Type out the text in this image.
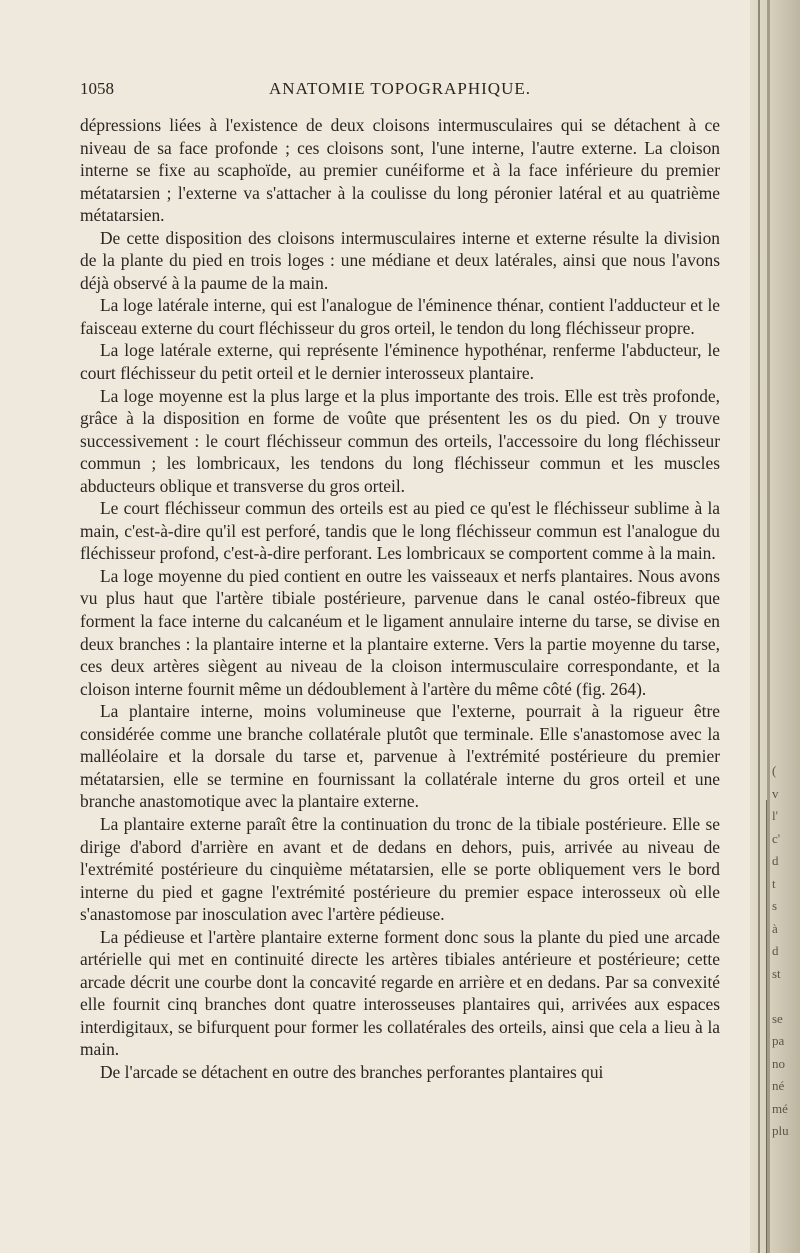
1058	ANATOMIE TOPOGRAPHIQUE.

dépressions liées à l'existence de deux cloisons intermusculaires qui se détachent à ce niveau de sa face profonde ; ces cloisons sont, l'une interne, l'autre externe. La cloison interne se fixe au scaphoïde, au premier cunéiforme et à la face inférieure du premier métatarsien ; l'externe va s'attacher à la coulisse du long péronier latéral et au quatrième métatarsien.

De cette disposition des cloisons intermusculaires interne et externe résulte la division de la plante du pied en trois loges : une médiane et deux latérales, ainsi que nous l'avons déjà observé à la paume de la main.

La loge latérale interne, qui est l'analogue de l'éminence thénar, contient l'adducteur et le faisceau externe du court fléchisseur du gros orteil, le tendon du long fléchisseur propre.

La loge latérale externe, qui représente l'éminence hypothénar, renferme l'abducteur, le court fléchisseur du petit orteil et le dernier interosseux plantaire.

La loge moyenne est la plus large et la plus importante des trois. Elle est très profonde, grâce à la disposition en forme de voûte que présentent les os du pied. On y trouve successivement : le court fléchisseur commun des orteils, l'accessoire du long fléchisseur commun ; les lombricaux, les tendons du long fléchisseur commun et les muscles abducteurs oblique et transverse du gros orteil.

Le court fléchisseur commun des orteils est au pied ce qu'est le fléchisseur sublime à la main, c'est-à-dire qu'il est perforé, tandis que le long fléchisseur commun est l'analogue du fléchisseur profond, c'est-à-dire perforant. Les lombricaux se comportent comme à la main.

La loge moyenne du pied contient en outre les vaisseaux et nerfs plantaires. Nous avons vu plus haut que l'artère tibiale postérieure, parvenue dans le canal ostéo-fibreux que forment la face interne du calcanéum et le ligament annulaire interne du tarse, se divise en deux branches : la plantaire interne et la plantaire externe. Vers la partie moyenne du tarse, ces deux artères siègent au niveau de la cloison intermusculaire correspondante, et la cloison interne fournit même un dédoublement à l'artère du même côté (fig. 264).

La plantaire interne, moins volumineuse que l'externe, pourrait à la rigueur être considérée comme une branche collatérale plutôt que terminale. Elle s'anastomose avec la malléolaire et la dorsale du tarse et, parvenue à l'extrémité postérieure du premier métatarsien, elle se termine en fournissant la collatérale interne du gros orteil et une branche anastomotique avec la plantaire externe.

La plantaire externe paraît être la continuation du tronc de la tibiale postérieure. Elle se dirige d'abord d'arrière en avant et de dedans en dehors, puis, arrivée au niveau de l'extrémité postérieure du cinquième métatarsien, elle se porte obliquement vers le bord interne du pied et gagne l'extrémité postérieure du premier espace interosseux où elle s'anastomose par inosculation avec l'artère pédieuse.

La pédieuse et l'artère plantaire externe forment donc sous la plante du pied une arcade artérielle qui met en continuité directe les artères tibiales antérieure et postérieure; cette arcade décrit une courbe dont la concavité regarde en arrière et en dedans. Par sa convexité elle fournit cinq branches dont quatre interosseuses plantaires qui, arrivées aux espaces interdigitaux, se bifurquent pour former les collatérales des orteils, ainsi que cela a lieu à la main.

De l'arcade se détachent en outre des branches perforantes plantaires qui

(
v
l'
c'
d
t
s
à
d
st
se
pa
no
né
mé
plu
